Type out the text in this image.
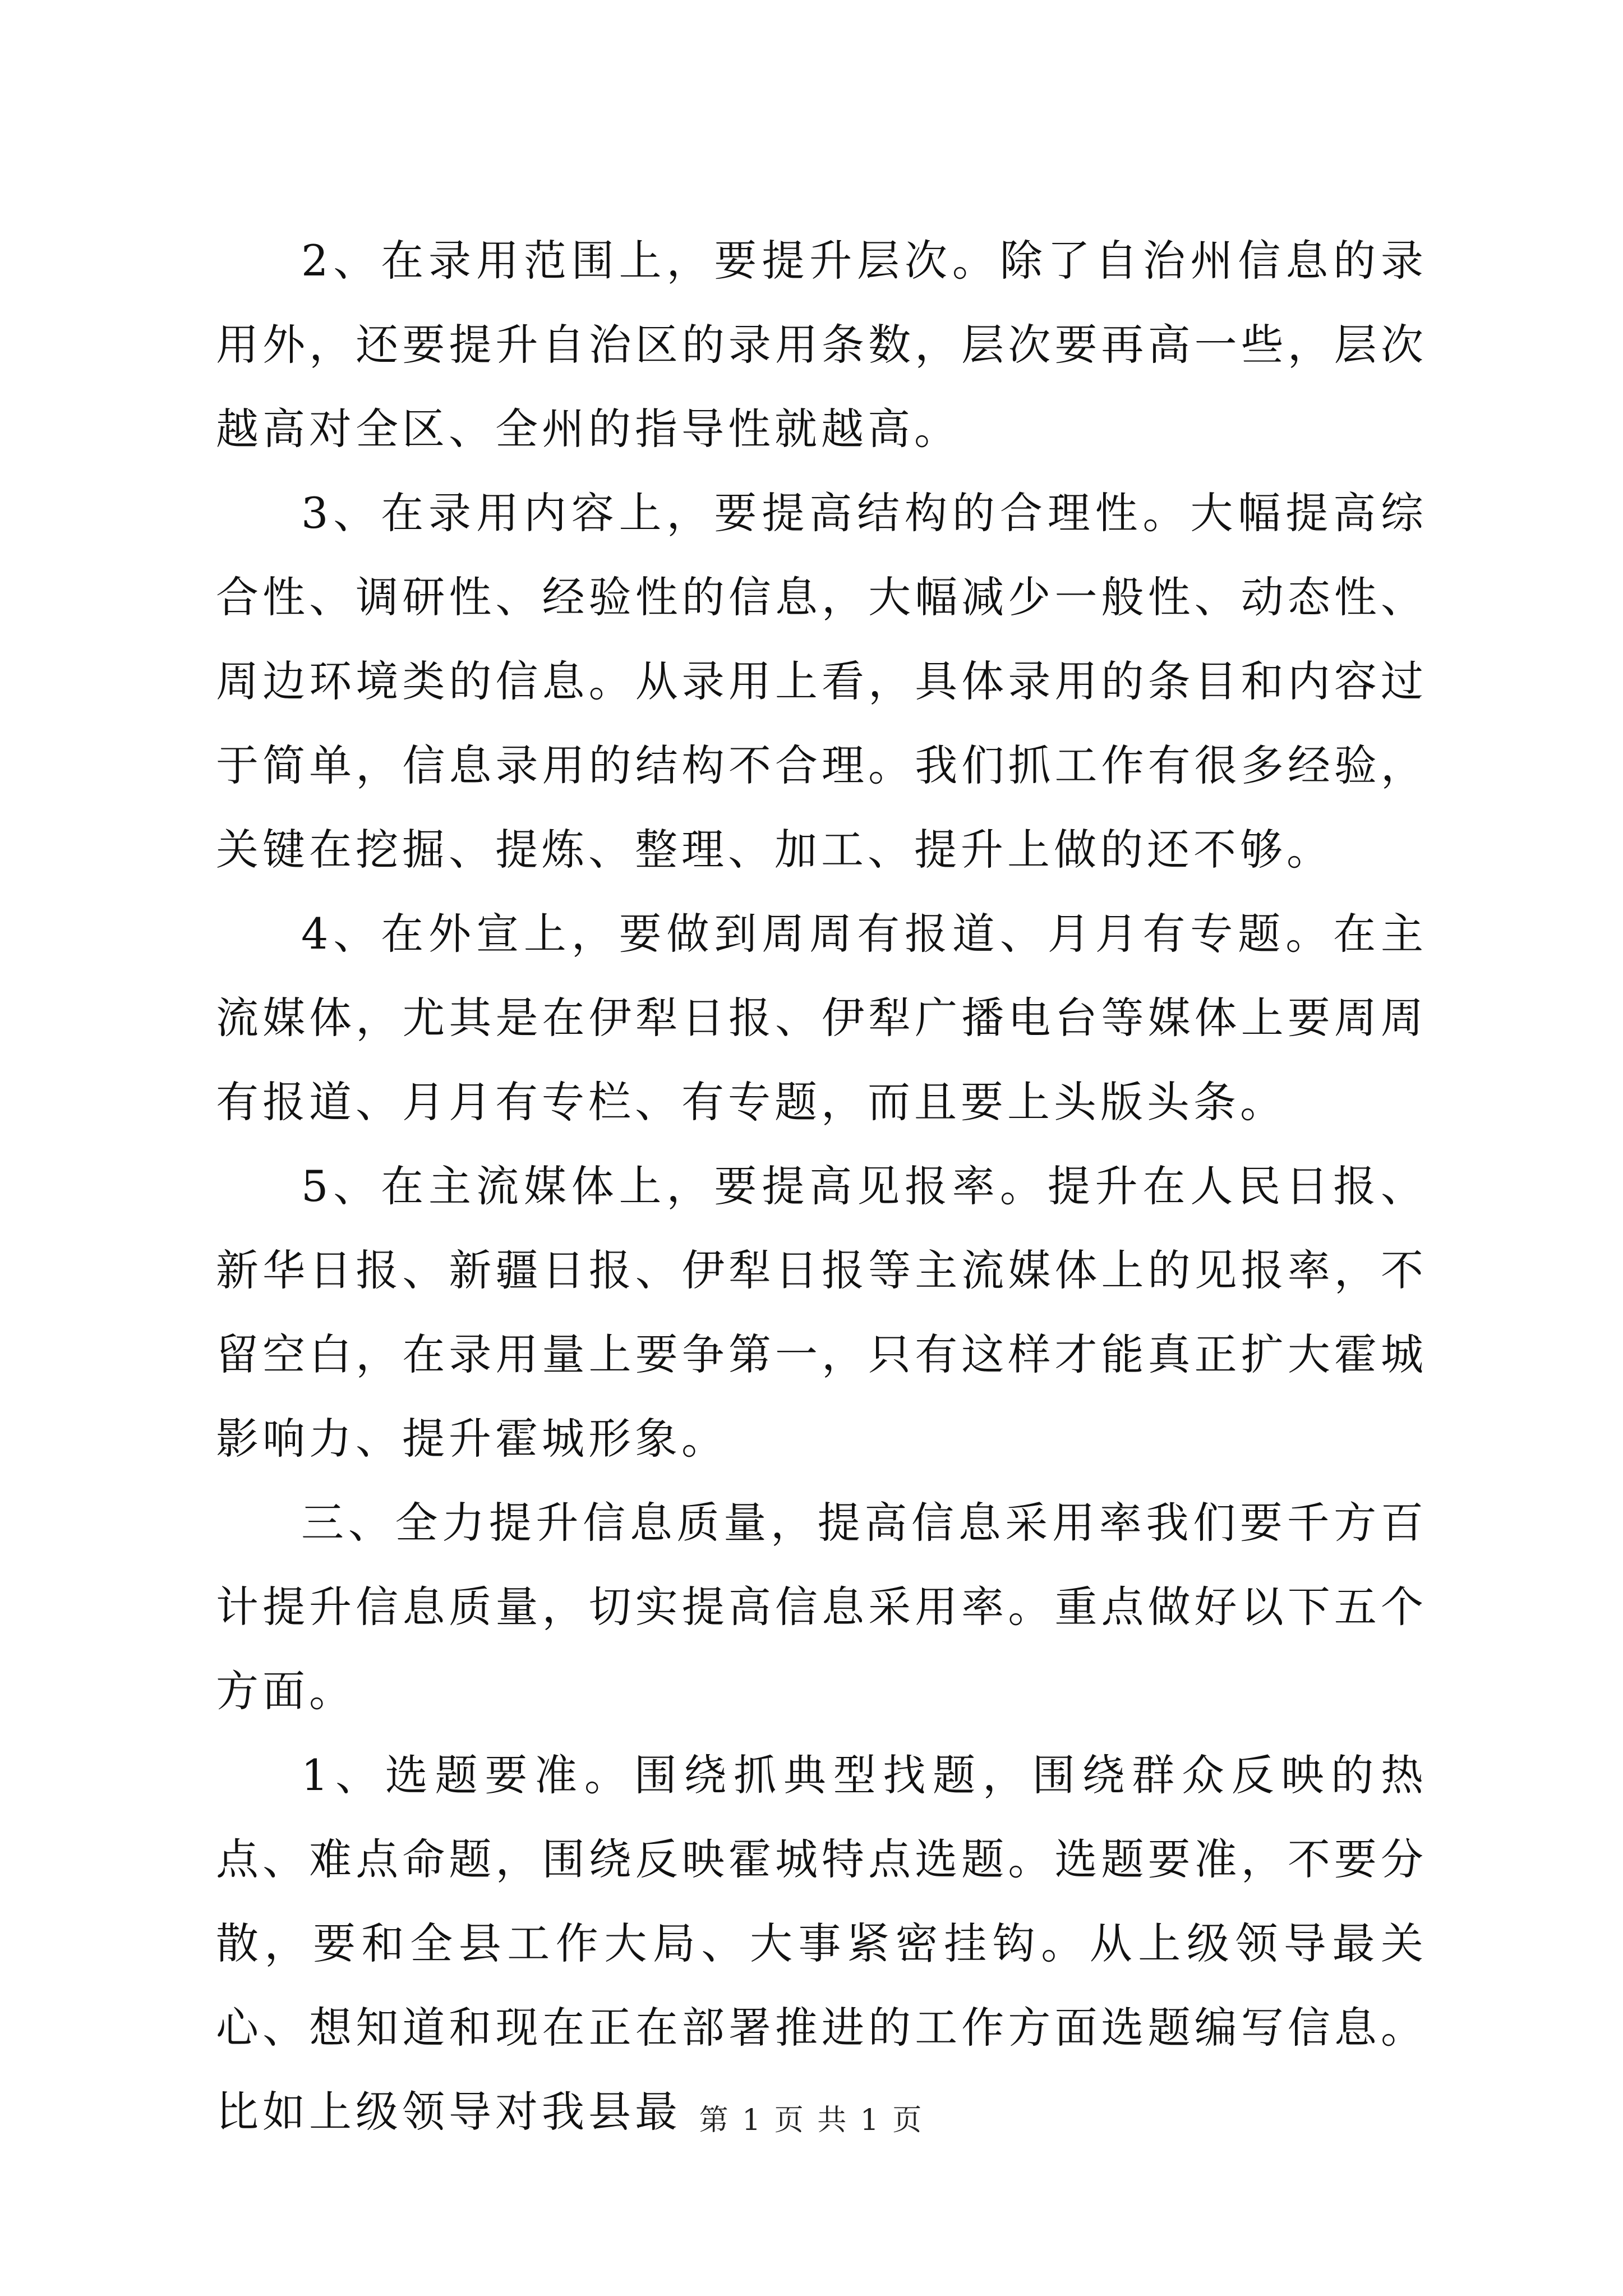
2、在录用范围上，要提升层次。除了自治州信息的录用外，还要提升自治区的录用条数，层次要再高一些，层次越高对全区、全州的指导性就越高。

3、在录用内容上，要提高结构的合理性。大幅提高综合性、调研性、经验性的信息，大幅减少一般性、动态性、周边环境类的信息。从录用上看，具体录用的条目和内容过于简单，信息录用的结构不合理。我们抓工作有很多经验，关键在挖掘、提炼、整理、加工、提升上做的还不够。

4、在外宣上，要做到周周有报道、月月有专题。在主流媒体，尤其是在伊犁日报、伊犁广播电台等媒体上要周周有报道、月月有专栏、有专题，而且要上头版头条。

5、在主流媒体上，要提高见报率。提升在人民日报、新华日报、新疆日报、伊犁日报等主流媒体上的见报率，不留空白，在录用量上要争第一，只有这样才能真正扩大霍城影响力、提升霍城形象。

三、全力提升信息质量，提高信息采用率我们要千方百计提升信息质量，切实提高信息采用率。重点做好以下五个方面。

1、选题要准。围绕抓典型找题，围绕群众反映的热点、难点命题，围绕反映霍城特点选题。选题要准，不要分散，要和全县工作大局、大事紧密挂钩。从上级领导最关心、想知道和现在正在部署推进的工作方面选题编写信息。比如上级领导对我县最 第 1 页 共 1 页
